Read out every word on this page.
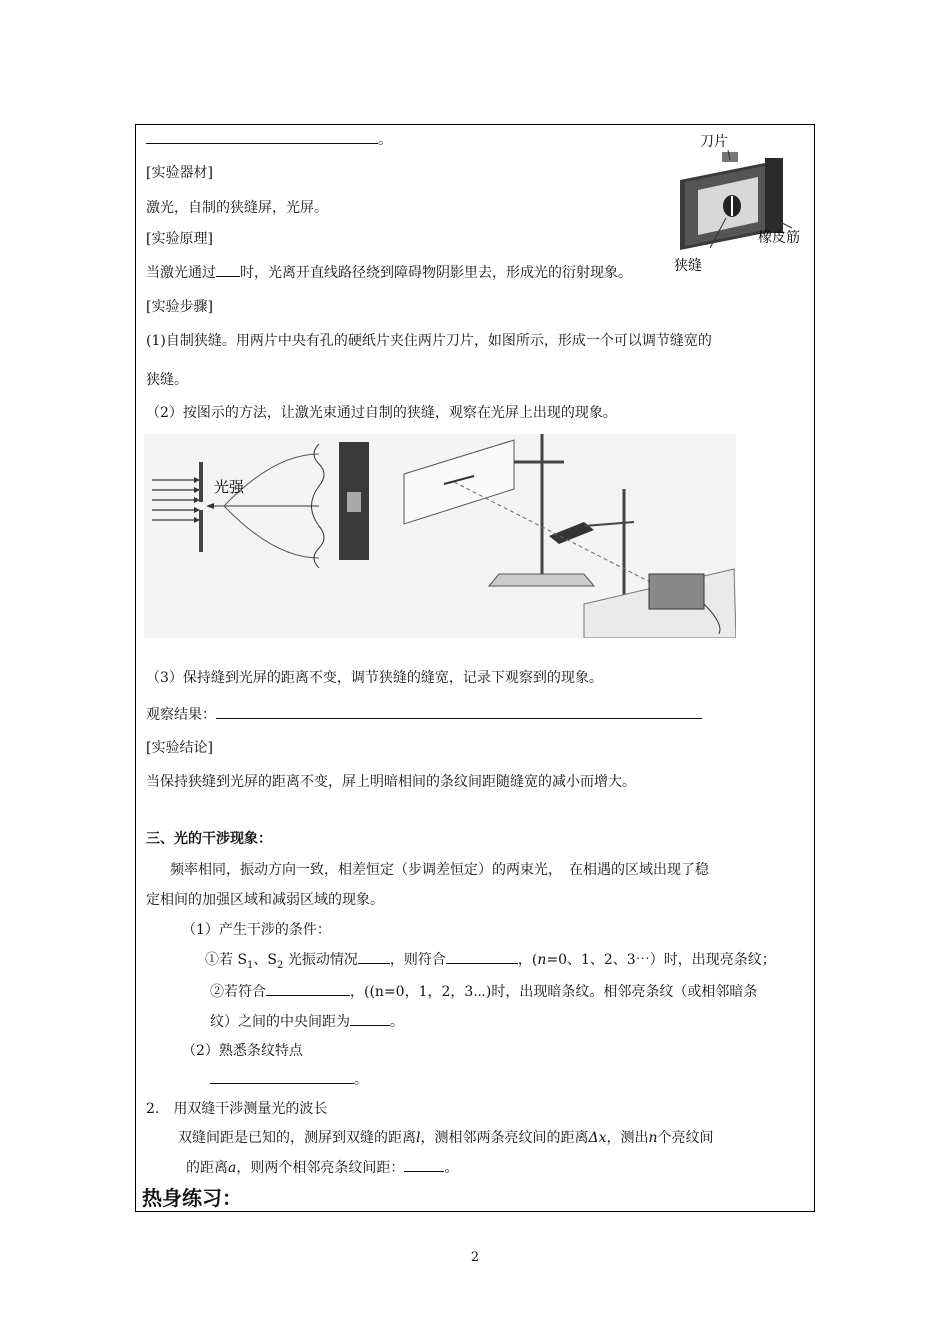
。
[实验器材]
激光，自制的狭缝屏，光屏。
[实验原理]
当激光通过 时，光离开直线路径绕到障碍物阴影里去，形成光的衍射现象。
[实验步骤]
(1)自制狭缝。用两片中央有孔的硬纸片夹住两片刀片，如图所示，形成一个可以调节缝宽的
狭缝。
（2）按图示的方法，让激光束通过自制的狭缝，观察在光屏上出现的现象。
刀片
橡皮筋
狭缝
光强
（3）保持缝到光屏的距离不变，调节狭缝的缝宽，记录下观察到的现象。
观察结果：
[实验结论]
当保持狭缝到光屏的距离不变，屏上明暗相间的条纹间距随缝宽的减小而增大。
三、光的干涉现象：
频率相同，振动方向一致，相差恒定（步调差恒定）的两束光，　在相遇的区域出现了稳
定相间的加强区域和减弱区域的现象。
（1）产生干涉的条件：
①若 $S_1$、$S_2$ 光振动情况 ，则符合	，(n=0、1、2、3⋯）时，出现亮条纹；
②若符合	，((n=0，1，2，3⋯)时，出现暗条纹。相邻亮条纹（或相邻暗条
纹）之间的中央间距为	。
（2）熟悉条纹特点
。
2.　用双缝干涉测量光的波长
双缝间距是已知的，测屏到双缝的距离l，测相邻两条亮纹间的距离Δx，测出n个亮纹间
的距离a，则两个相邻亮条纹间距：	。
热身练习：
2
